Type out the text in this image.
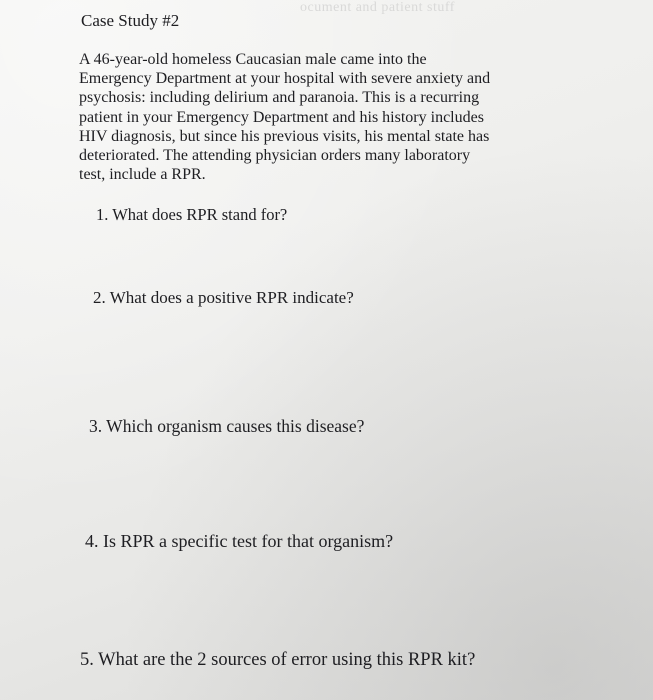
ocument and patient stuff
Case Study #2
A 46-year-old homeless Caucasian male came into the
Emergency Department at your hospital with severe anxiety and
psychosis: including delirium and paranoia. This is a recurring
patient in your Emergency Department and his history includes
HIV diagnosis, but since his previous visits, his mental state has
deteriorated. The attending physician orders many laboratory
test, include a RPR.
1. What does RPR stand for?
2. What does a positive RPR indicate?
3. Which organism causes this disease?
4. Is RPR a specific test for that organism?
5. What are the 2 sources of error using this RPR kit?
